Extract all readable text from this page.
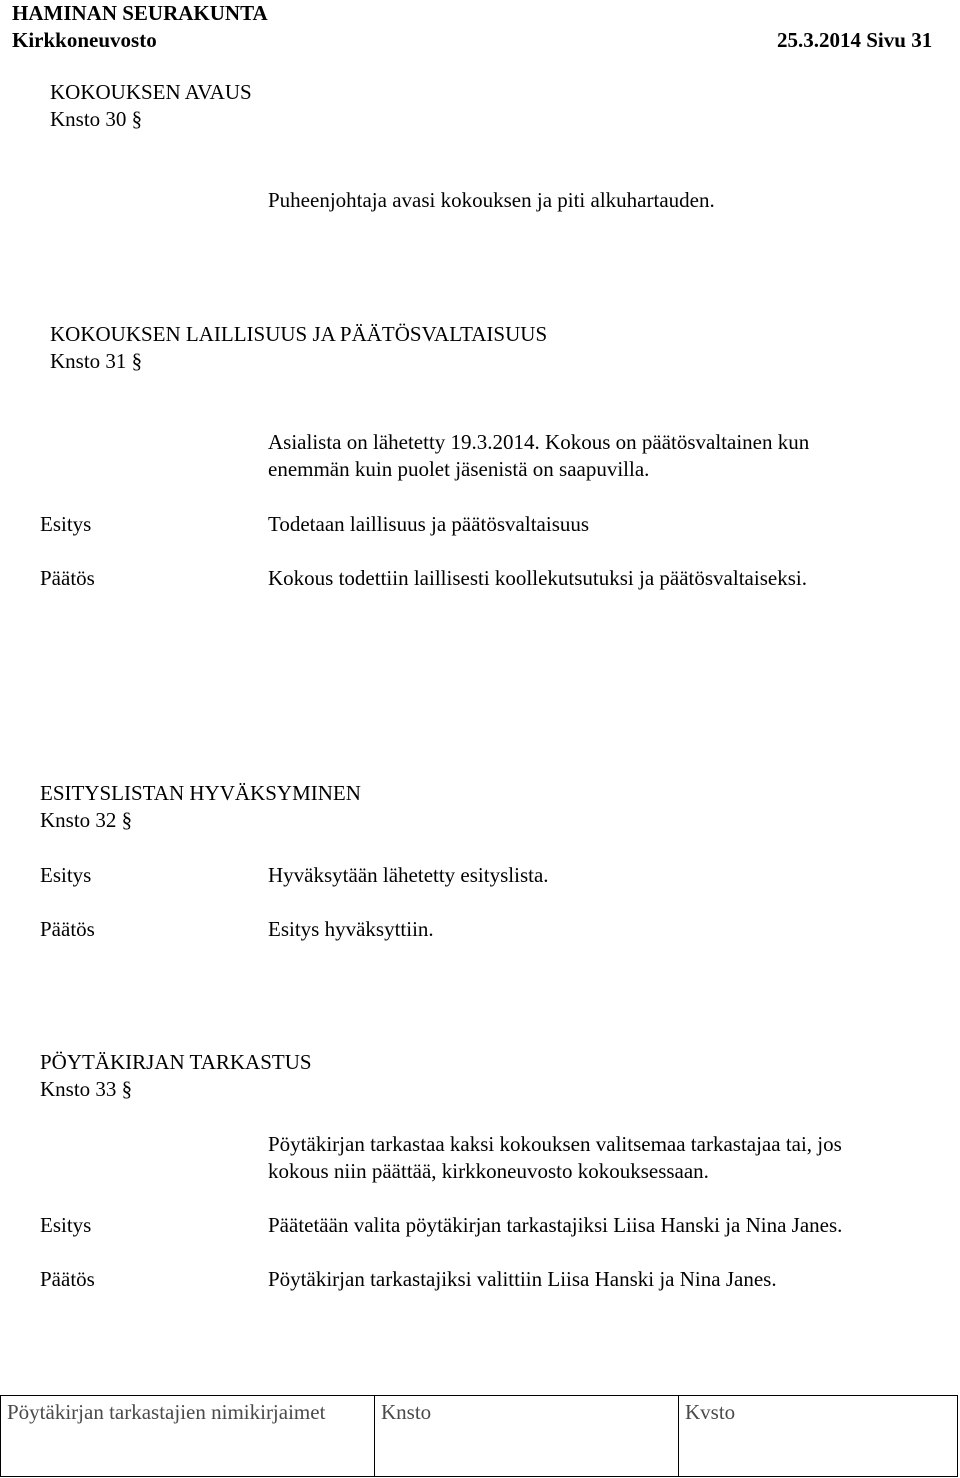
HAMINAN SEURAKUNTA
Kirkkoneuvosto	25.3.2014 Sivu 31
KOKOUKSEN AVAUS
Knsto 30 §
Puheenjohtaja avasi kokouksen ja piti alkuhartauden.
KOKOUKSEN LAILLISUUS JA PÄÄTÖSVALTAISUUS
Knsto 31 §
Asialista on lähetetty 19.3.2014. Kokous on päätösvaltainen kun
enemmän kuin puolet jäsenistä on saapuvilla.
Esitys	Todetaan laillisuus ja päätösvaltaisuus
Päätös	Kokous todettiin laillisesti koollekutsutuksi ja päätösvaltaiseksi.
ESITYSLISTAN HYVÄKSYMINEN
Knsto 32 §
Esitys	Hyväksytään lähetetty esityslista.
Päätös	Esitys hyväksyttiin.
PÖYTÄKIRJAN TARKASTUS
Knsto 33 §
Pöytäkirjan tarkastaa kaksi kokouksen valitsemaa tarkastajaa tai, jos
kokous niin päättää, kirkkoneuvosto kokouksessaan.
Esitys	Päätetään valita pöytäkirjan tarkastajiksi Liisa Hanski ja Nina Janes.
Päätös	Pöytäkirjan tarkastajiksi valittiin Liisa Hanski ja Nina Janes.
Pöytäkirjan tarkastajien nimikirjaimet	Knsto	Kvsto
